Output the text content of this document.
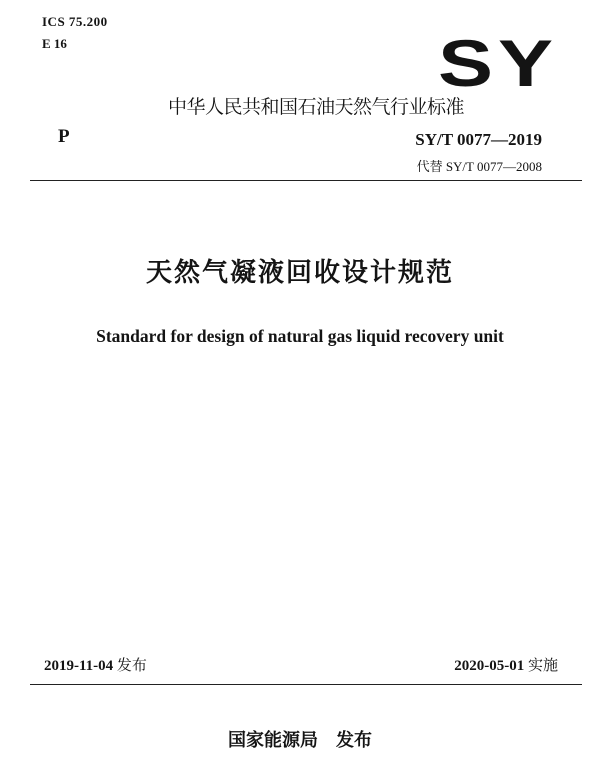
ICS 75.200
E 16	SY
中华人民共和国石油天然气行业标准
P	SY/T 0077—2019
代替 SY/T 0077—2008
天然气凝液回收设计规范
Standard for design of natural gas liquid recovery unit
2019-11-04 发布	2020-05-01 实施
国家能源局 发布
